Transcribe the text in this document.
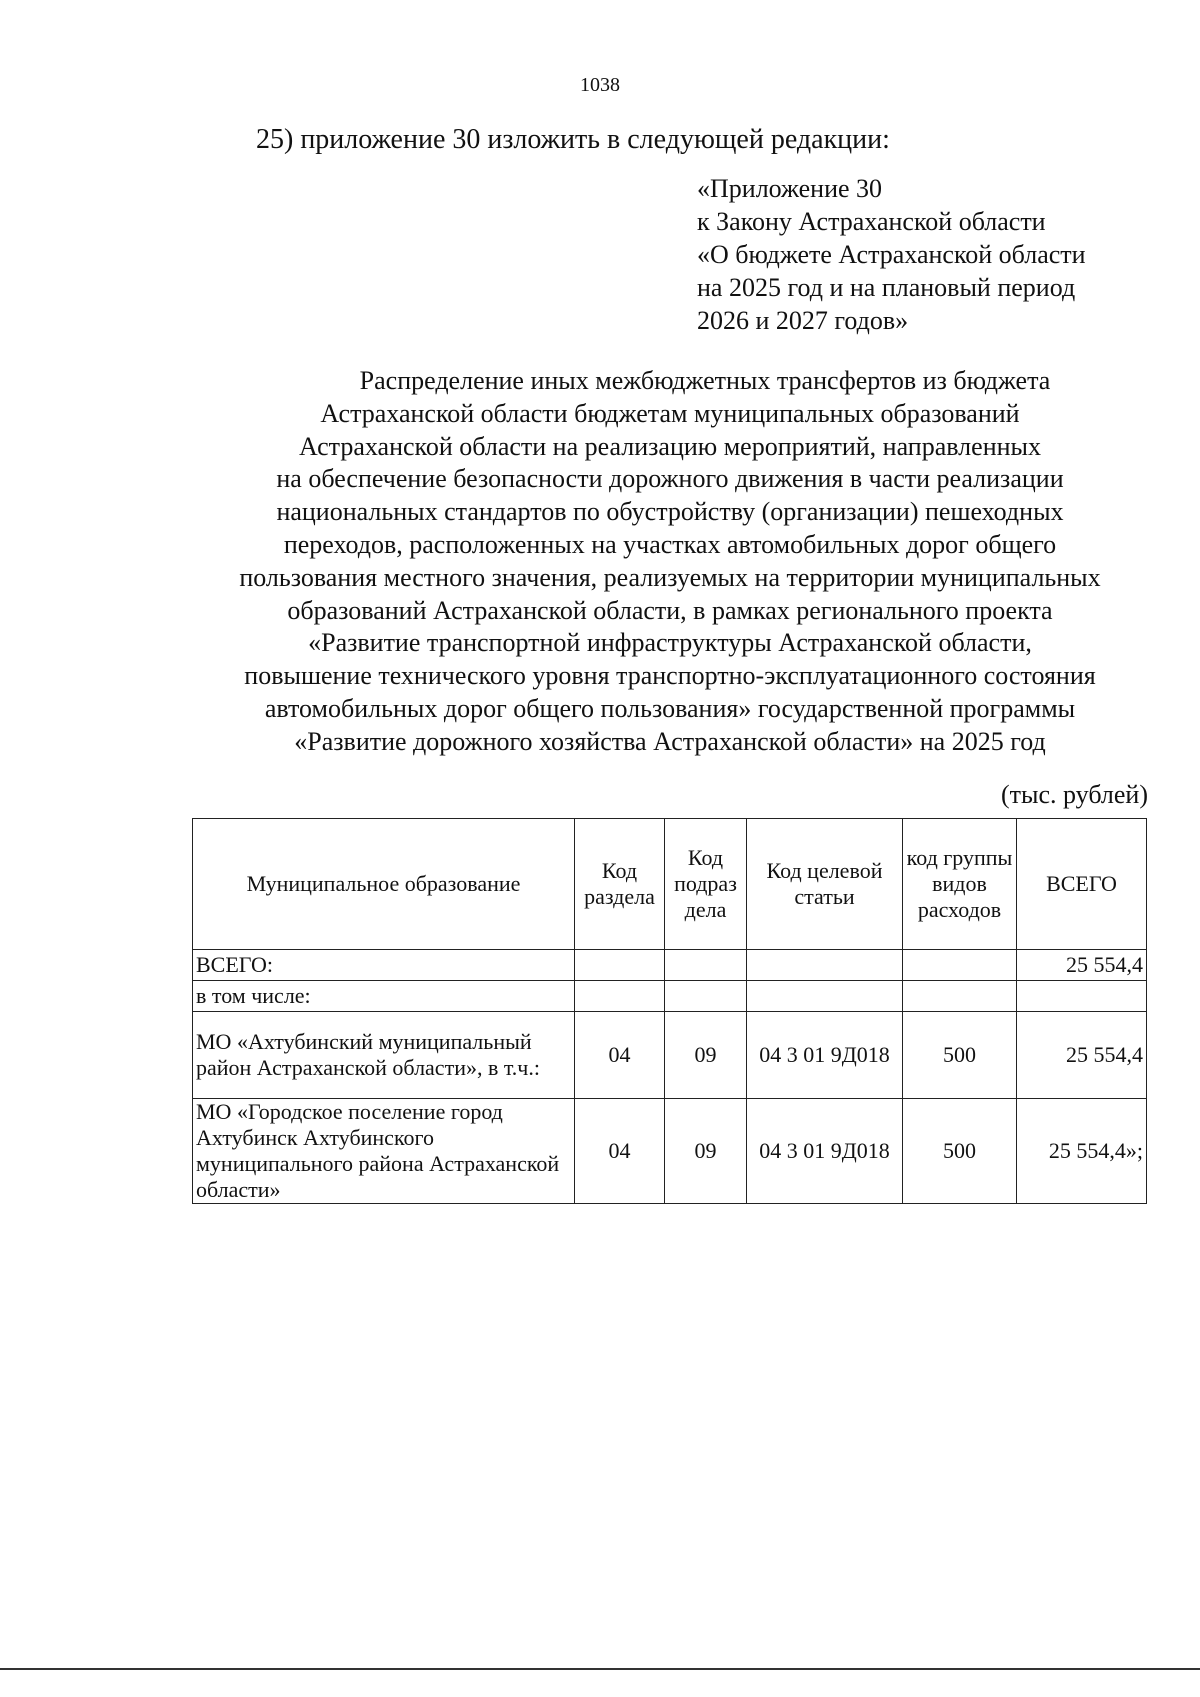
1038
25) приложение 30 изложить в следующей редакции:
«Приложение 30
к Закону Астраханской области
«О бюджете Астраханской области
на 2025 год и на плановый период
2026 и 2027 годов»
Распределение иных межбюджетных трансфертов из бюджета
Астраханской области бюджетам муниципальных образований
Астраханской области на реализацию мероприятий, направленных
на обеспечение безопасности дорожного движения в части реализации
национальных стандартов по обустройству (организации) пешеходных
переходов, расположенных на участках автомобильных дорог общего
пользования местного значения, реализуемых на территории муниципальных
образований Астраханской области, в рамках регионального проекта
«Развитие транспортной инфраструктуры Астраханской области,
повышение технического уровня транспортно-эксплуатационного состояния
автомобильных дорог общего пользования» государственной программы
«Развитие дорожного хозяйства Астраханской области» на 2025 год
(тыс. рублей)
Муниципальное образование	Код раздела	Код подраз дела	Код целевой статьи	код группы видов расходов	ВСЕГО
ВСЕГО:					25 554,4
в том числе:					
МО «Ахтубинский муниципальный район Астраханской области», в т.ч.:	04	09	04 3 01 9Д018	500	25 554,4
МО «Городское поселение город Ахтубинск Ахтубинского муниципального района Астраханской области»	04	09	04 3 01 9Д018	500	25 554,4»;
